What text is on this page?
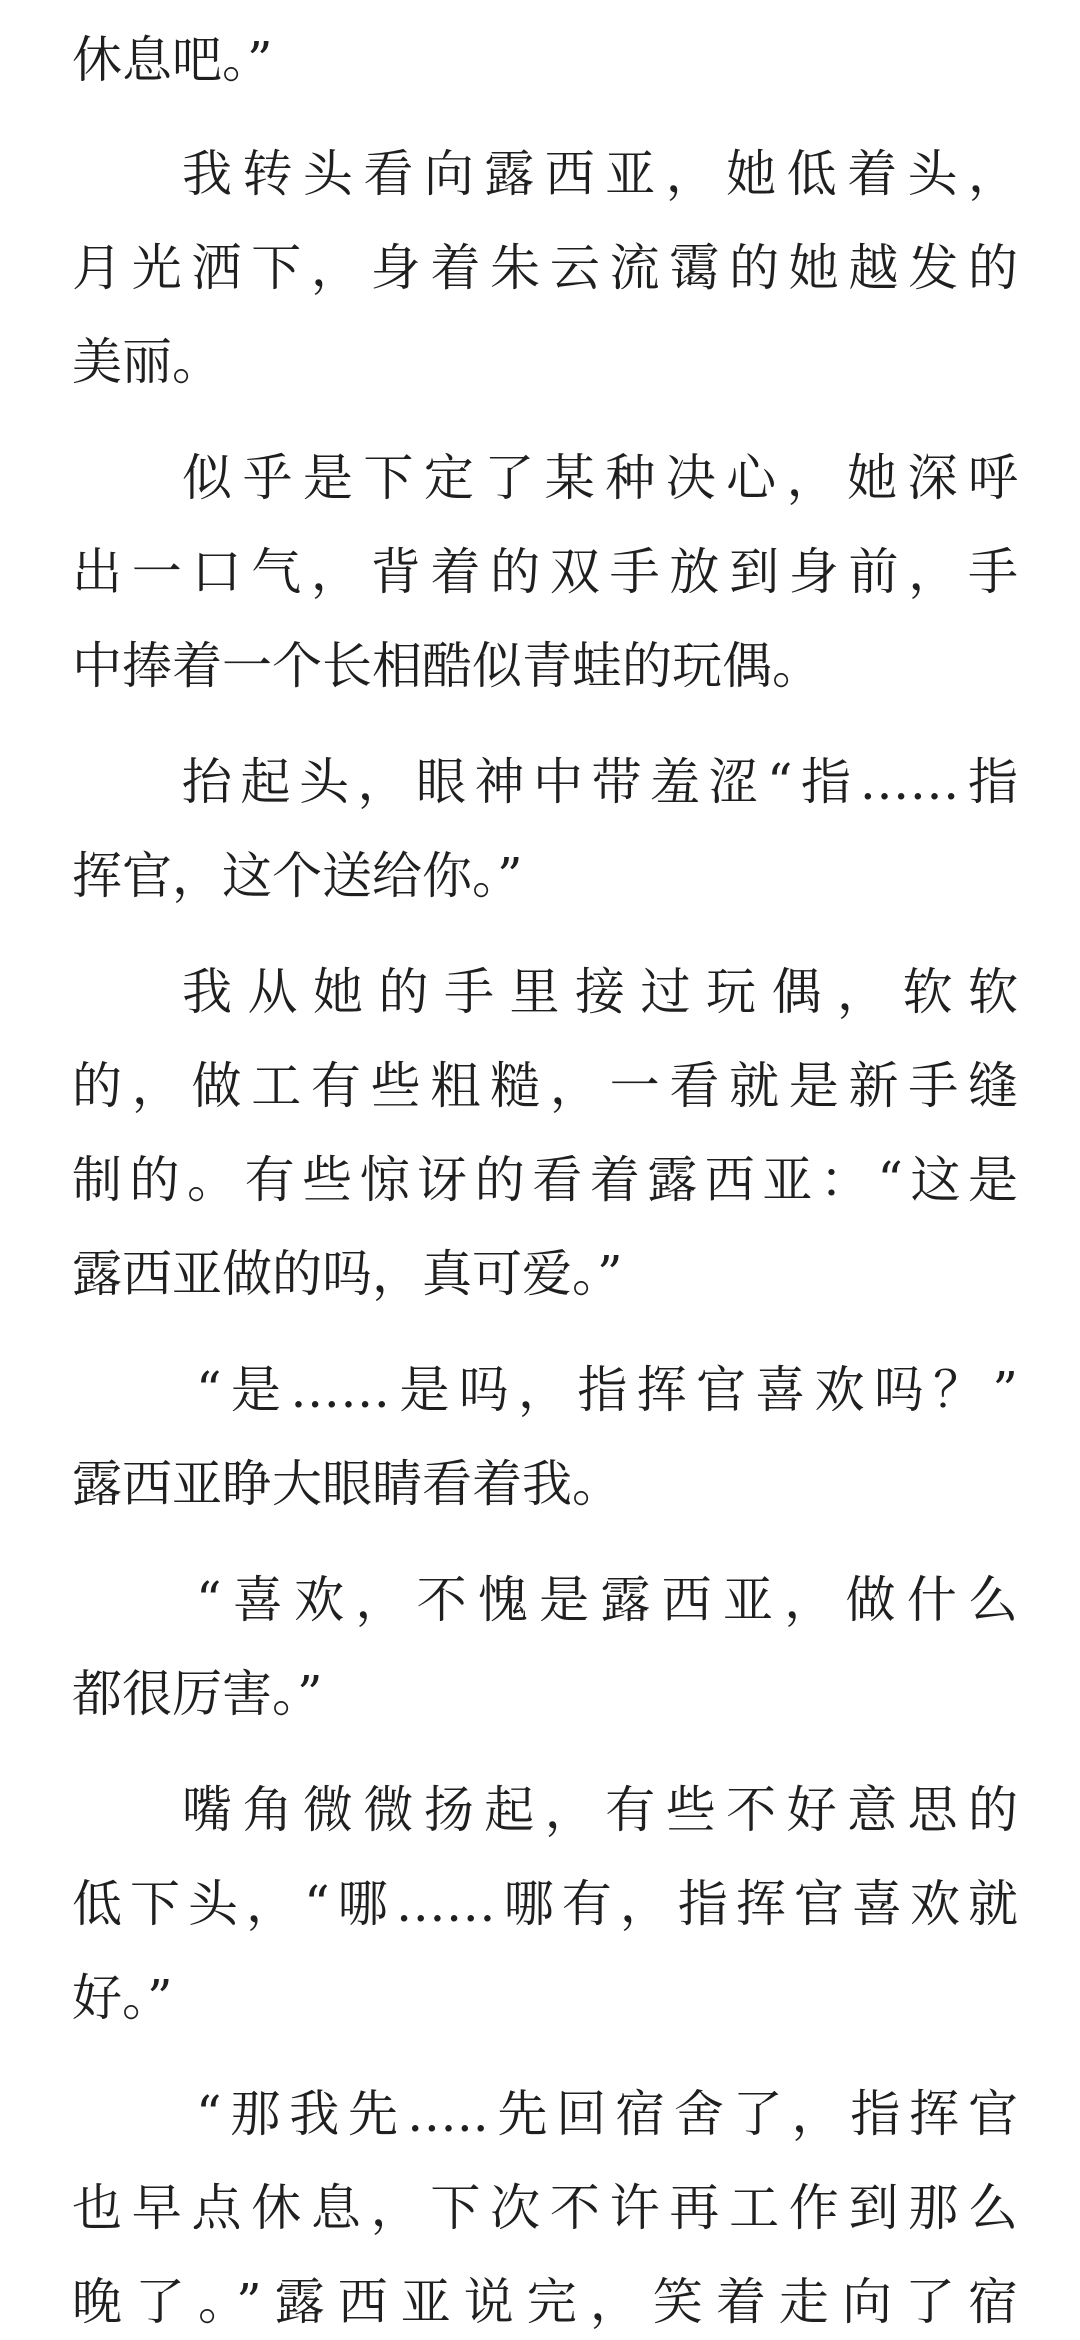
休息吧。”

我转头看向露西亚，她低着头，

月光洒下，身着朱云流霭的她越发的

美丽。

似乎是下定了某种决心，她深呼

出一口气，背着的双手放到身前，手

中捧着一个长相酷似青蛙的玩偶。

抬起头，眼神中带羞涩“指……指

挥官，这个送给你。”

我从她的手里接过玩偶，软软

的，做工有些粗糙，一看就是新手缝

制的。有些惊讶的看着露西亚：“这是

露西亚做的吗，真可爱。”

“是……是吗，指挥官喜欢吗？”

露西亚睁大眼睛看着我。

“喜欢，不愧是露西亚，做什么

都很厉害。”

嘴角微微扬起，有些不好意思的

低下头，“哪……哪有，指挥官喜欢就

好。”

“那我先…..先回宿舍了，指挥官

也早点休息，下次不许再工作到那么

晚了。”露西亚说完，笑着走向了宿
